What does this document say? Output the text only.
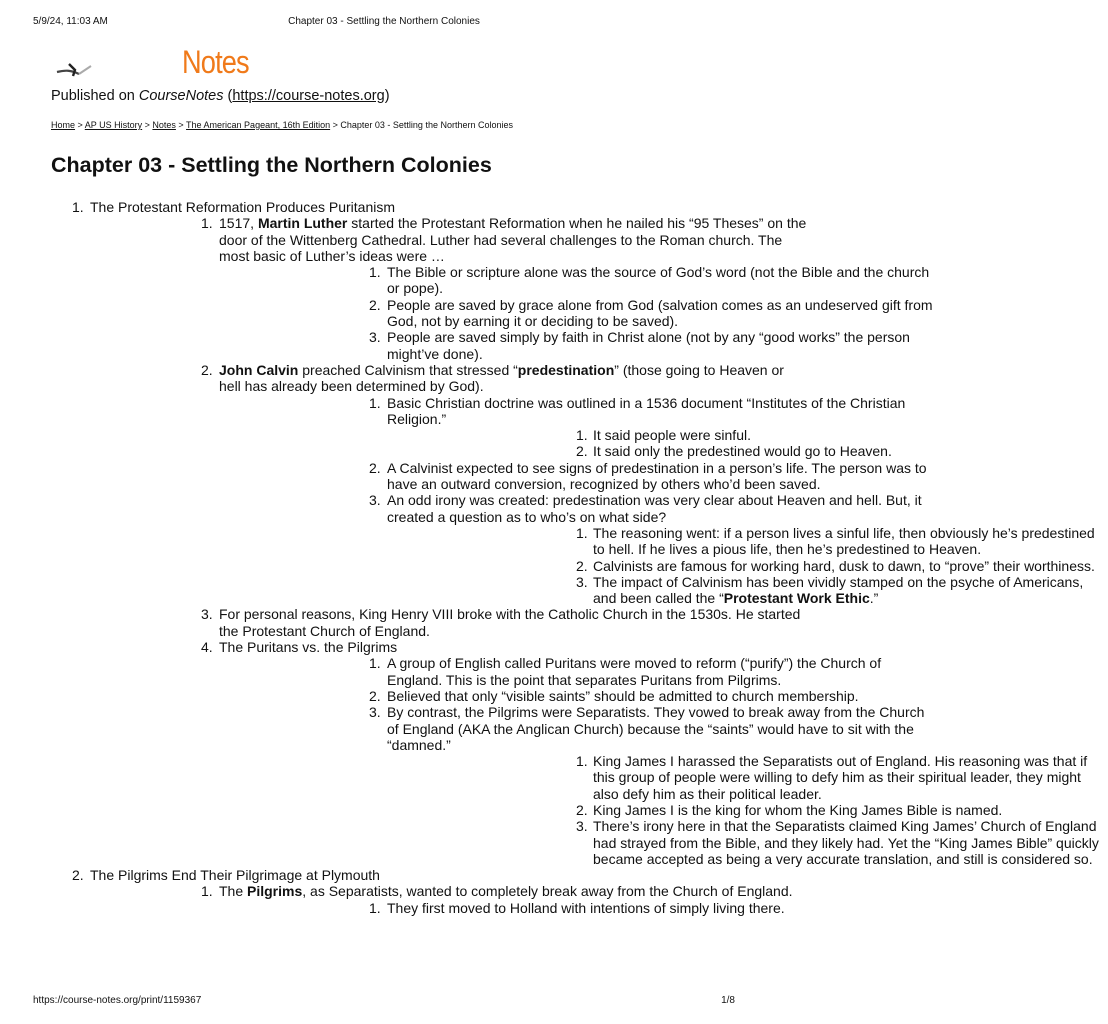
5/9/24, 11:03 AM	Chapter 03 - Settling the Northern Colonies
Notes
Published on CourseNotes (https://course-notes.org)
Home > AP US History > Notes > The American Pageant, 16th Edition > Chapter 03 - Settling the Northern Colonies
Chapter 03 - Settling the Northern Colonies
1. The Protestant Reformation Produces Puritanism
1. 1517, Martin Luther started the Protestant Reformation when he nailed his “95 Theses” on the door of the Wittenberg Cathedral. Luther had several challenges to the Roman church. The most basic of Luther’s ideas were …
1. The Bible or scripture alone was the source of God’s word (not the Bible and the church or pope).
2. People are saved by grace alone from God (salvation comes as an undeserved gift from God, not by earning it or deciding to be saved).
3. People are saved simply by faith in Christ alone (not by any “good works” the person might’ve done).
2. John Calvin preached Calvinism that stressed “predestination” (those going to Heaven or hell has already been determined by God).
1. Basic Christian doctrine was outlined in a 1536 document “Institutes of the Christian Religion.”
1. It said people were sinful.
2. It said only the predestined would go to Heaven.
2. A Calvinist expected to see signs of predestination in a person’s life. The person was to have an outward conversion, recognized by others who’d been saved.
3. An odd irony was created: predestination was very clear about Heaven and hell. But, it created a question as to who’s on what side?
1. The reasoning went: if a person lives a sinful life, then obviously he’s predestined to hell. If he lives a pious life, then he’s predestined to Heaven.
2. Calvinists are famous for working hard, dusk to dawn, to “prove” their worthiness.
3. The impact of Calvinism has been vividly stamped on the psyche of Americans, and been called the “Protestant Work Ethic.”
3. For personal reasons, King Henry VIII broke with the Catholic Church in the 1530s. He started the Protestant Church of England.
4. The Puritans vs. the Pilgrims
1. A group of English called Puritans were moved to reform (“purify”) the Church of England. This is the point that separates Puritans from Pilgrims.
2. Believed that only “visible saints” should be admitted to church membership.
3. By contrast, the Pilgrims were Separatists. They vowed to break away from the Church of England (AKA the Anglican Church) because the “saints” would have to sit with the “damned.”
1. King James I harassed the Separatists out of England. His reasoning was that if this group of people were willing to defy him as their spiritual leader, they might also defy him as their political leader.
2. King James I is the king for whom the King James Bible is named.
3. There’s irony here in that the Separatists claimed King James’ Church of England had strayed from the Bible, and they likely had. Yet the “King James Bible” quickly became accepted as being a very accurate translation, and still is considered so.
2. The Pilgrims End Their Pilgrimage at Plymouth
1. The Pilgrims, as Separatists, wanted to completely break away from the Church of England.
1. They first moved to Holland with intentions of simply living there.
https://course-notes.org/print/1159367	1/8
